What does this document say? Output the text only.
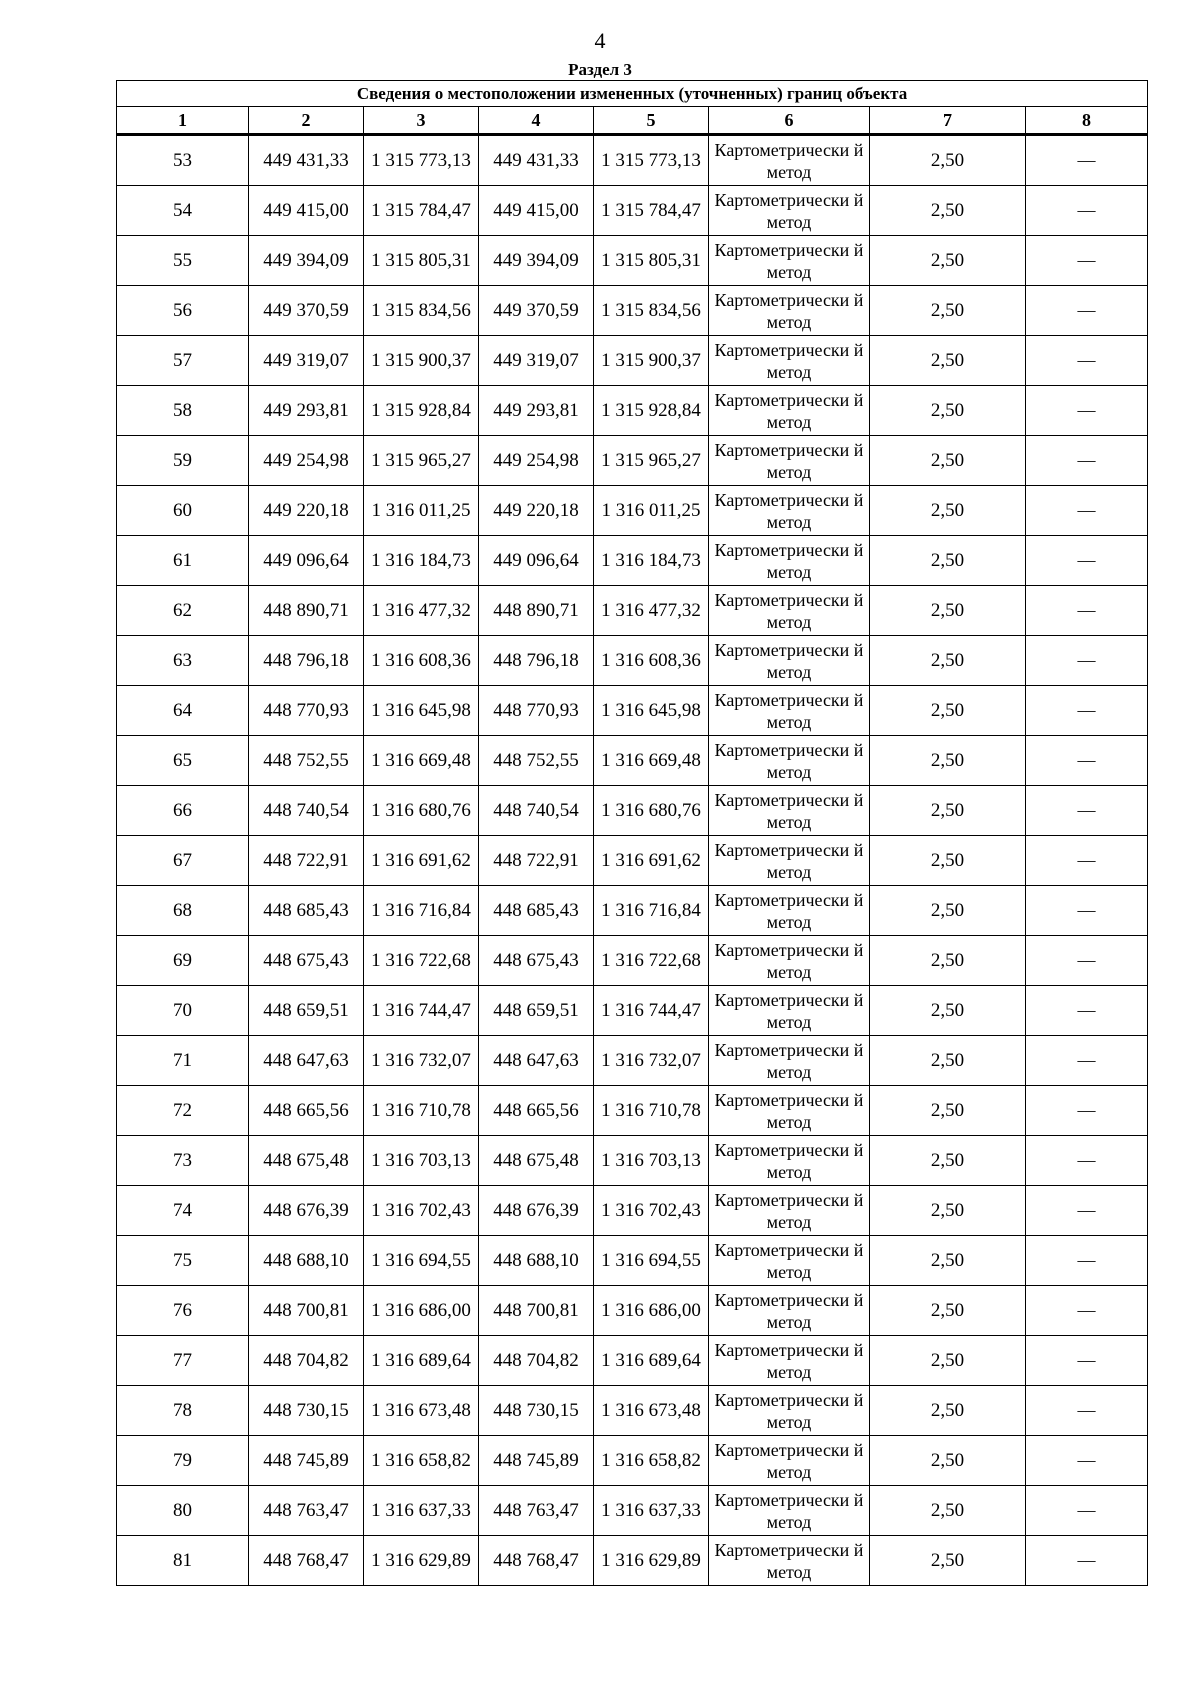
4
Раздел 3
Сведения о местоположении измененных (уточненных) границ объекта							
1	2	3	4	5	6	7	8
53	449 431,33	1 315 773,13	449 431,33	1 315 773,13	Картометрически й метод	2,50	—
54	449 415,00	1 315 784,47	449 415,00	1 315 784,47	Картометрически й метод	2,50	—
55	449 394,09	1 315 805,31	449 394,09	1 315 805,31	Картометрически й метод	2,50	—
56	449 370,59	1 315 834,56	449 370,59	1 315 834,56	Картометрически й метод	2,50	—
57	449 319,07	1 315 900,37	449 319,07	1 315 900,37	Картометрически й метод	2,50	—
58	449 293,81	1 315 928,84	449 293,81	1 315 928,84	Картометрически й метод	2,50	—
59	449 254,98	1 315 965,27	449 254,98	1 315 965,27	Картометрически й метод	2,50	—
60	449 220,18	1 316 011,25	449 220,18	1 316 011,25	Картометрически й метод	2,50	—
61	449 096,64	1 316 184,73	449 096,64	1 316 184,73	Картометрически й метод	2,50	—
62	448 890,71	1 316 477,32	448 890,71	1 316 477,32	Картометрически й метод	2,50	—
63	448 796,18	1 316 608,36	448 796,18	1 316 608,36	Картометрически й метод	2,50	—
64	448 770,93	1 316 645,98	448 770,93	1 316 645,98	Картометрически й метод	2,50	—
65	448 752,55	1 316 669,48	448 752,55	1 316 669,48	Картометрически й метод	2,50	—
66	448 740,54	1 316 680,76	448 740,54	1 316 680,76	Картометрически й метод	2,50	—
67	448 722,91	1 316 691,62	448 722,91	1 316 691,62	Картометрически й метод	2,50	—
68	448 685,43	1 316 716,84	448 685,43	1 316 716,84	Картометрически й метод	2,50	—
69	448 675,43	1 316 722,68	448 675,43	1 316 722,68	Картометрически й метод	2,50	—
70	448 659,51	1 316 744,47	448 659,51	1 316 744,47	Картометрически й метод	2,50	—
71	448 647,63	1 316 732,07	448 647,63	1 316 732,07	Картометрически й метод	2,50	—
72	448 665,56	1 316 710,78	448 665,56	1 316 710,78	Картометрически й метод	2,50	—
73	448 675,48	1 316 703,13	448 675,48	1 316 703,13	Картометрически й метод	2,50	—
74	448 676,39	1 316 702,43	448 676,39	1 316 702,43	Картометрически й метод	2,50	—
75	448 688,10	1 316 694,55	448 688,10	1 316 694,55	Картометрически й метод	2,50	—
76	448 700,81	1 316 686,00	448 700,81	1 316 686,00	Картометрически й метод	2,50	—
77	448 704,82	1 316 689,64	448 704,82	1 316 689,64	Картометрически й метод	2,50	—
78	448 730,15	1 316 673,48	448 730,15	1 316 673,48	Картометрически й метод	2,50	—
79	448 745,89	1 316 658,82	448 745,89	1 316 658,82	Картометрически й метод	2,50	—
80	448 763,47	1 316 637,33	448 763,47	1 316 637,33	Картометрически й метод	2,50	—
81	448 768,47	1 316 629,89	448 768,47	1 316 629,89	Картометрически й метод	2,50	—
